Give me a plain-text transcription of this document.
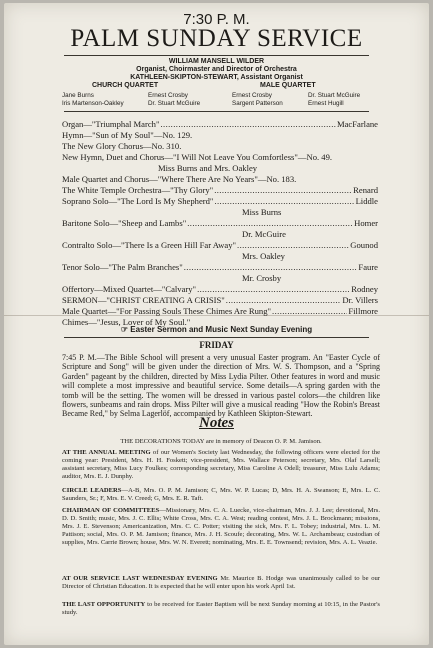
7:30 P. M.
PALM SUNDAY SERVICE
WILLIAM MANSELL WILDER
Organist, Choirmaster and Director of Orchestra
KATHLEEN-SKIPTON-STEWART, Assistant Organist
CHURCH QUARTET	MALE QUARTET
Jane Burns	Ernest Crosby	Ernest Crosby	Dr. Stuart McGuire
Iris Martenson-Oakley	Dr. Stuart McGuire	Sargent Patterson	Ernest Hugill
Organ—"Triumphal March" .....	MacFarlane
Hymn—"Sun of My Soul"—No. 129.
The New Glory Chorus—No. 310.
New Hymn, Duet and Chorus—"I Will Not Leave You Comfortless"—No. 49.
Miss Burns and Mrs. Oakley
Male Quartet and Chorus—"Where There Are No Years"—No. 183.
The White Temple Orchestra—"Thy Glory" .....	Renard
Soprano Solo—"The Lord Is My Shepherd" .....	Liddle
Miss Burns
Baritone Solo—"Sheep and Lambs" .....	Homer
Dr. McGuire
Contralto Solo—"There Is a Green Hill Far Away" .....	Gounod
Mrs. Oakley
Tenor Solo—"The Palm Branches" .....	Faure
Mr. Crosby
Offertory—Mixed Quartet—"Calvary" .....	Rodney
SERMON—"CHRIST CREATING A CRISIS" .....	Dr. Villers
Male Quartet—"For Passing Souls These Chimes Are Rung" .....	Fillmore
Chimes—"Jesus, Lover of My Soul."
☞ Easter Sermon and Music Next Sunday Evening
FRIDAY
7:45 P. M.—The Bible School will present a very unusual Easter program. An "Easter Cycle of Scripture and Song" will be given under the direction of Mrs. W. S. Thompson, and a "Spring Garden" pageant by the children, directed by Miss Lydia Pilter. Other features in word and music will complete a most impressive and beautiful service. Some details—A spring garden with the tomb will be the setting. The women will be dressed in various pastel colors—the children like flowers, sunbeams and rain drops. Miss Pilter will give a musical reading "How the Robin's Breast Became Red," by Selma Lagerlöf, accompanied by Kathleen Skipton-Stewart.
Notes
THE DECORATIONS TODAY are in memory of Deacon O. P. M. Jamison.
AT THE ANNUAL MEETING of our Women's Society last Wednesday, the following officers were elected for the coming year: President, Mrs. H. H. Foskett; vice-president, Mrs. Wallace Peterson; secretary, Mrs. Olaf Larsell; assistant secretary, Miss Lucy Foulkes; corresponding secretary, Miss Caroline A Odell; treasurer, Miss Lulu Adams; auditor, Mrs. E. J. Dunphy.
CIRCLE LEADERS—A-B, Mrs. O. P. M. Jamison; C, Mrs. W. P. Lucas; D, Mrs. H. A. Swanson; E, Mrs. L. C. Saunders, Sr.; F, Mrs. E. V. Creed; G, Mrs. E. R. Taft.
CHAIRMAN OF COMMITTEES—Missionary, Mrs. C. A. Luecke, vice-chairman, Mrs. J. J. Lee; devotional, Mrs. D. D. Smith; music, Mrs. J. C. Ellis; White Cross, Mrs. C. A. West; reading contest, Mrs. J. L. Brockmann; missions, Mrs. J. E. Stevenson; Americanization, Mrs. C. C. Potter; visiting the sick, Mrs. F. L. Tobey; industrial, Mrs. L. M. Pattison; social, Mrs. O. P. M. Jamison; finance, Mrs. J. H. Scoufe; decorating, Mrs. W. L. Archambeau; custodian of supplies, Mrs. Carrie Brown; house, Mrs. W. N. Everett; nominating, Mrs. E. E. Townsend; revision, Mrs. A. L. Veazie.
AT OUR SERVICE LAST WEDNESDAY EVENING Mr. Maurice B. Hodge was unanimously called to be our Director of Christian Education. It is expected that he will enter upon his work April 1st.
THE LAST OPPORTUNITY to be received for Easter Baptism will be next Sunday morning at 10:15, in the Pastor's study.
